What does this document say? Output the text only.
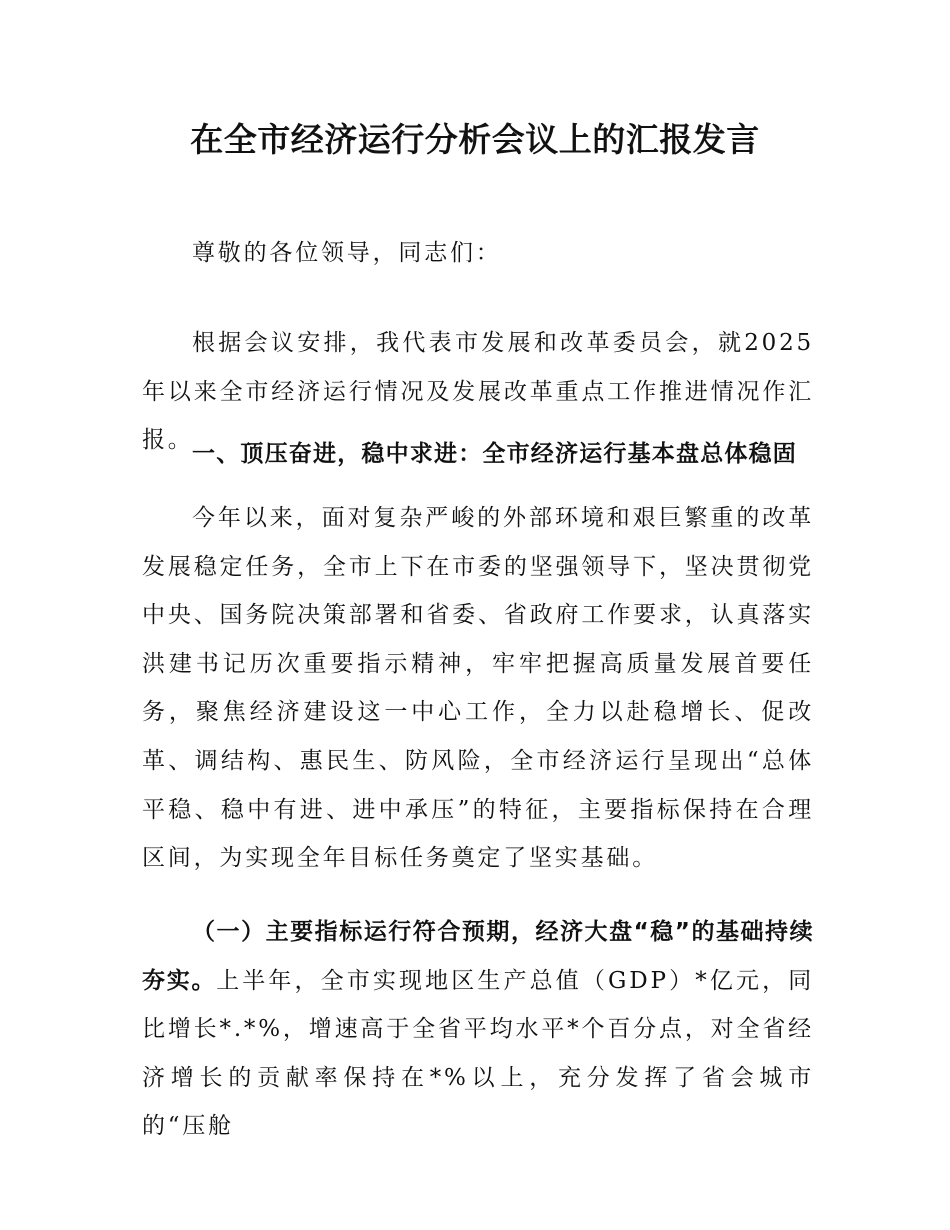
在全市经济运行分析会议上的汇报发言

尊敬的各位领导，同志们：

根据会议安排，我代表市发展和改革委员会，就2025年以来全市经济运行情况及发展改革重点工作推进情况作汇报。

一、顶压奋进，稳中求进：全市经济运行基本盘总体稳固

今年以来，面对复杂严峻的外部环境和艰巨繁重的改革发展稳定任务，全市上下在市委的坚强领导下，坚决贯彻党中央、国务院决策部署和省委、省政府工作要求，认真落实洪建书记历次重要指示精神，牢牢把握高质量发展首要任务，聚焦经济建设这一中心工作，全力以赴稳增长、促改革、调结构、惠民生、防风险，全市经济运行呈现出“总体平稳、稳中有进、进中承压”的特征，主要指标保持在合理区间，为实现全年目标任务奠定了坚实基础。

（一）主要指标运行符合预期，经济大盘“稳”的基础持续夯实。上半年，全市实现地区生产总值（GDP）*亿元，同比增长*.*%，增速高于全省平均水平*个百分点，对全省经济增长的贡献率保持在*%以上，充分发挥了省会城市的“压舱
